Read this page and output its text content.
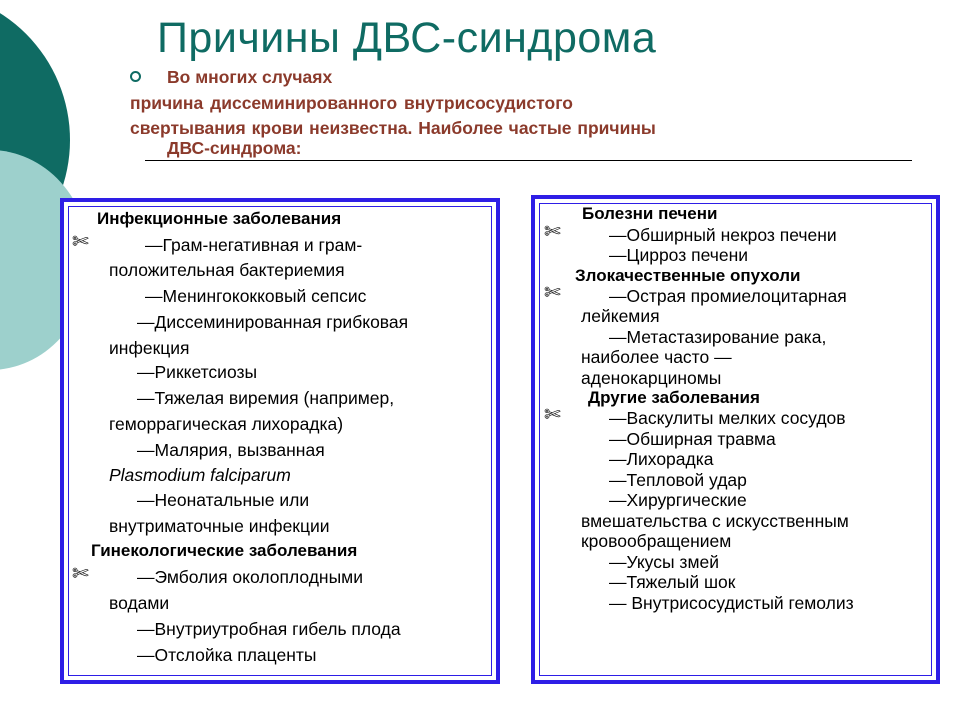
Причины ДВС-синдрома
Во многих случаях
причина диссеминированного внутрисосудистого
свертывания крови неизвестна. Наиболее частые причины
ДВС-синдрома:
Инфекционные заболевания
✄	—Грам-негативная и грам-
положительная бактериемия
—Менингококковый сепсис
—Диссеминированная грибковая
инфекция
—Риккетсиозы
—Тяжелая виремия (например,
геморрагическая лихорадка)
—Малярия, вызванная
Plasmodium falciparum
—Неонатальные или
внутриматочные инфекции
Гинекологические заболевания
✄	—Эмболия околоплодными
водами
—Внутриутробная гибель плода
—Отслойка плаценты
Болезни печени
✄	—Обширный некроз печени
—Цирроз печени
Злокачественные опухоли
✄	—Острая промиелоцитарная
лейкемия
—Метастазирование рака,
наиболее часто —
аденокарциномы
Другие заболевания
✄	—Васкулиты мелких сосудов
—Обширная травма
—Лихорадка
—Тепловой удар
—Хирургические
вмешательства с искусственным
кровообращением
—Укусы змей
—Тяжелый шок
— Внутрисосудистый гемолиз
